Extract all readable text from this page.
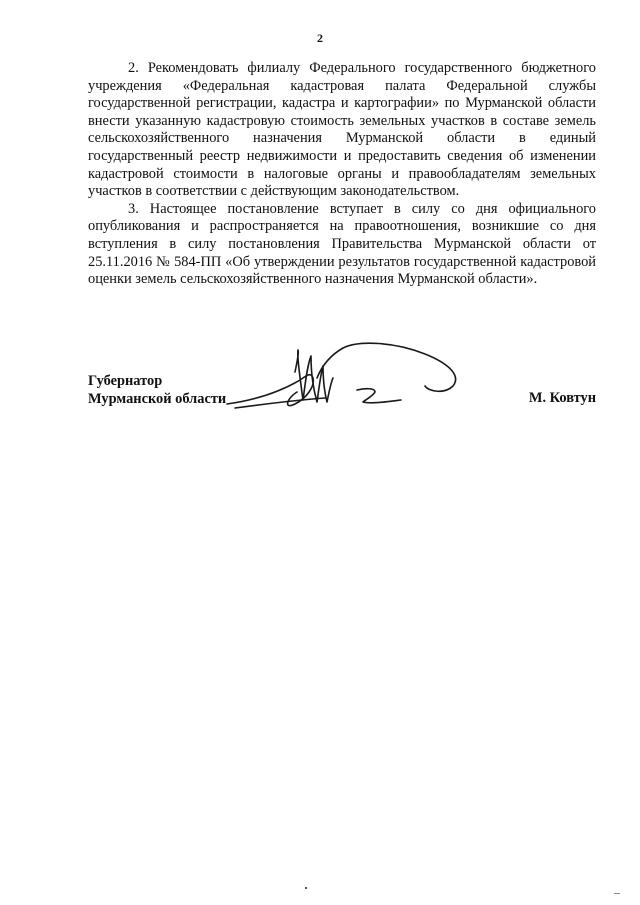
2

2. Рекомендовать филиалу Федерального государственного бюджетного учреждения «Федеральная кадастровая палата Федеральной службы государственной регистрации, кадастра и картографии» по Мурманской области внести указанную кадастровую стоимость земельных участков в составе земель сельскохозяйственного назначения Мурманской области в единый государственный реестр недвижимости и предоставить сведения об изменении кадастровой стоимости в налоговые органы и правообладателям земельных участков в соответствии с действующим законодательством.

3. Настоящее постановление вступает в силу со дня официального опубликования и распространяется на правоотношения, возникшие со дня вступления в силу постановления Правительства Мурманской области от 25.11.2016 № 584-ПП «Об утверждении результатов государственной кадастровой оценки земель сельскохозяйственного назначения Мурманской области».

Губернатор
Мурманской области	М. Ковтун
